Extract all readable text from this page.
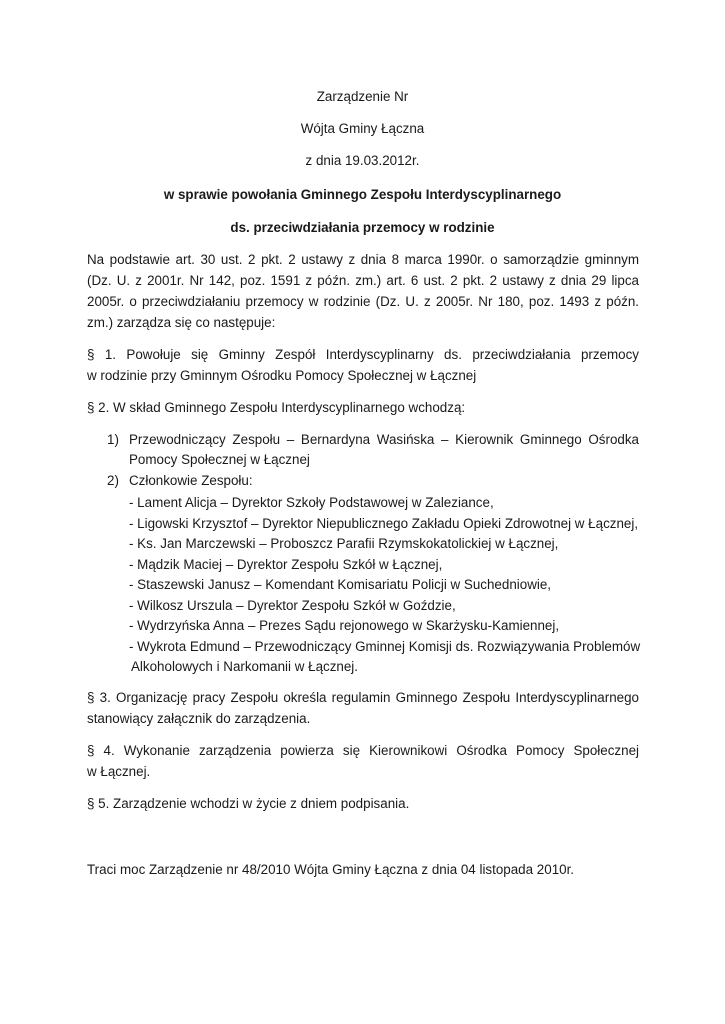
Zarządzenie Nr
Wójta Gminy Łączna
z dnia 19.03.2012r.
w sprawie powołania Gminnego Zespołu Interdyscyplinarnego
ds. przeciwdziałania przemocy w rodzinie
Na podstawie art. 30 ust. 2 pkt. 2 ustawy z dnia 8 marca 1990r. o samorządzie gminnym
(Dz. U. z 2001r. Nr 142, poz. 1591 z późn. zm.) art. 6 ust. 2 pkt. 2 ustawy z dnia 29 lipca
2005r. o przeciwdziałaniu przemocy w rodzinie (Dz. U. z 2005r. Nr 180, poz. 1493 z późn.
zm.) zarządza się co następuje:
§ 1. Powołuje się Gminny Zespół Interdyscyplinarny ds. przeciwdziałania przemocy
w rodzinie przy Gminnym Ośrodku Pomocy Społecznej w Łącznej
§ 2. W skład Gminnego Zespołu Interdyscyplinarnego wchodzą:
1) Przewodniczący Zespołu – Bernardyna Wasińska – Kierownik Gminnego Ośrodka
Pomocy Społecznej w Łącznej
2) Członkowie Zespołu:
- Lament Alicja – Dyrektor Szkoły Podstawowej w Zaleziance,
- Ligowski Krzysztof – Dyrektor Niepublicznego Zakładu Opieki Zdrowotnej w Łącznej,
- Ks. Jan Marczewski – Proboszcz Parafii Rzymskokatolickiej w Łącznej,
- Mądzik Maciej – Dyrektor Zespołu Szkół w Łącznej,
- Staszewski Janusz – Komendant Komisariatu Policji w Suchedniowie,
- Wilkosz Urszula – Dyrektor Zespołu Szkół w Goździe,
- Wydrzyńska Anna – Prezes Sądu rejonowego w Skarżysku-Kamiennej,
- Wykrota Edmund – Przewodniczący Gminnej Komisji ds. Rozwiązywania Problemów
Alkoholowych i Narkomanii w Łącznej.
§ 3. Organizację pracy Zespołu określa regulamin Gminnego Zespołu Interdyscyplinarnego
stanowiący załącznik do zarządzenia.
§ 4. Wykonanie zarządzenia powierza się Kierownikowi Ośrodka Pomocy Społecznej
w Łącznej.
§ 5. Zarządzenie wchodzi w życie z dniem podpisania.
Traci moc Zarządzenie nr 48/2010 Wójta Gminy Łączna z dnia 04 listopada 2010r.
